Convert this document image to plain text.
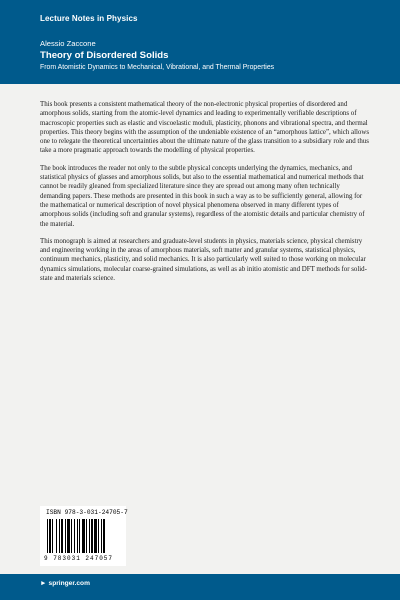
Lecture Notes in Physics
Alessio Zaccone
Theory of Disordered Solids
From Atomistic Dynamics to Mechanical, Vibrational, and Thermal Properties

This book presents a consistent mathematical theory of the non-electronic physical properties of disordered and amorphous solids, starting from the atomic-level dynamics and leading to experimentally verifiable descriptions of macroscopic properties such as elastic and viscoelastic moduli, plasticity, phonons and vibrational spectra, and thermal properties. This theory begins with the assumption of the undeniable existence of an “amorphous lattice”, which allows one to relegate the theoretical uncertainties about the ultimate nature of the glass transition to a subsidiary role and thus take a more pragmatic approach towards the modelling of physical properties.

The book introduces the reader not only to the subtle physical concepts underlying the dynamics, mechanics, and statistical physics of glasses and amorphous solids, but also to the essential mathematical and numerical methods that cannot be readily gleaned from specialized literature since they are spread out among many often technically demanding papers. These methods are presented in this book in such a way as to be sufficiently general, allowing for the mathematical or numerical description of novel physical phenomena observed in many different types of amorphous solids (including soft and granular systems), regardless of the atomistic details and particular chemistry of the material.

This monograph is aimed at researchers and graduate-level students in physics, materials science, physical chemistry and engineering working in the areas of amorphous materials, soft matter and granular systems, statistical physics, continuum mechanics, plasticity, and solid mechanics. It is also particularly well suited to those working on molecular dynamics simulations, molecular coarse-grained simulations, as well as ab initio atomistic and DFT methods for solid-state and materials science.

ISBN 978-3-031-24705-7
9 783031 247057
► springer.com
